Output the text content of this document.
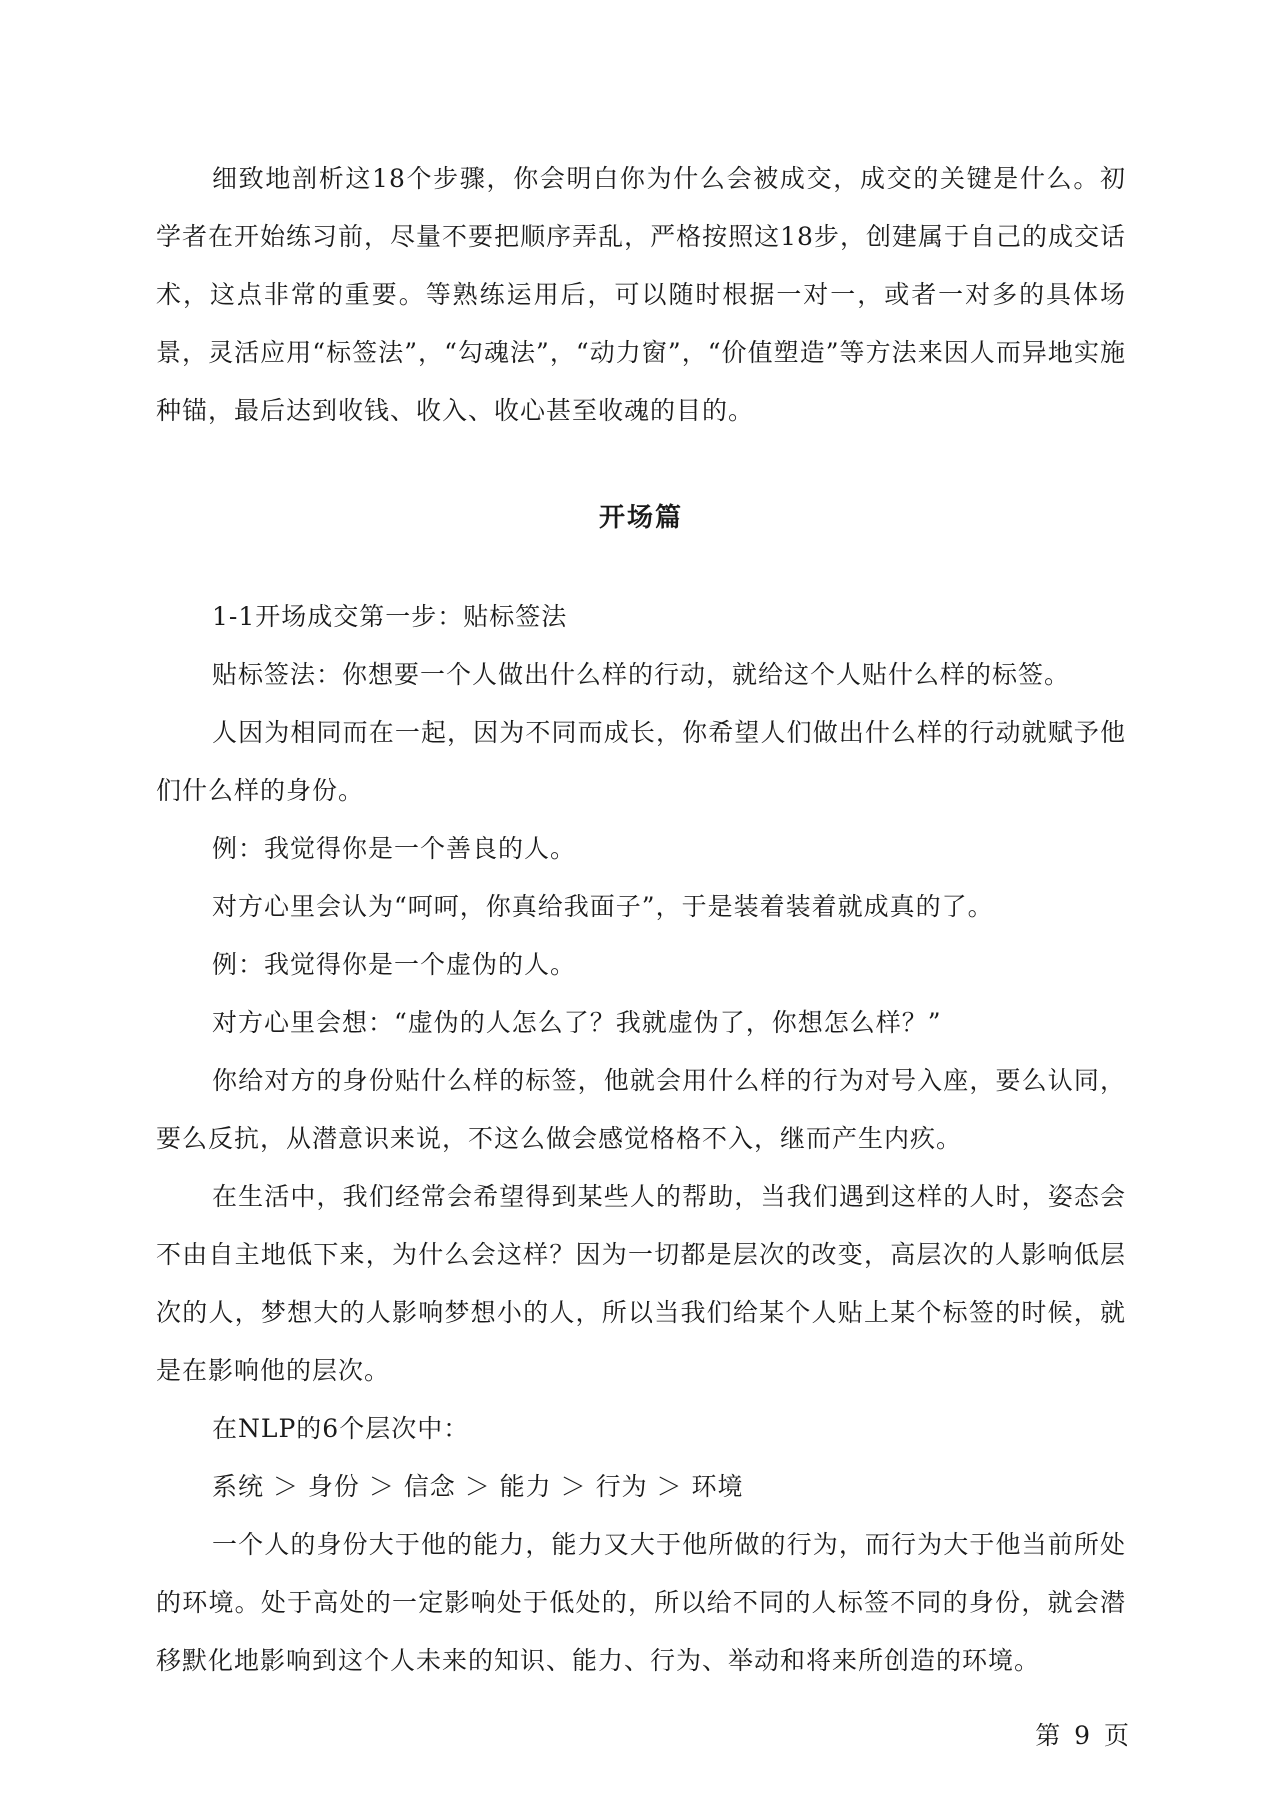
细致地剖析这18个步骤，你会明白你为什么会被成交，成交的关键是什么。初学者在开始练习前，尽量不要把顺序弄乱，严格按照这18步，创建属于自己的成交话术，这点非常的重要。等熟练运用后，可以随时根据一对一，或者一对多的具体场景，灵活应用“标签法”，“勾魂法”，“动力窗”，“价值塑造”等方法来因人而异地实施种锚，最后达到收钱、收入、收心甚至收魂的目的。

开场篇

1-1开场成交第一步：贴标签法

贴标签法：你想要一个人做出什么样的行动，就给这个人贴什么样的标签。

人因为相同而在一起，因为不同而成长，你希望人们做出什么样的行动就赋予他们什么样的身份。

例：我觉得你是一个善良的人。

对方心里会认为“呵呵，你真给我面子”，于是装着装着就成真的了。

例：我觉得你是一个虚伪的人。

对方心里会想：“虚伪的人怎么了？我就虚伪了，你想怎么样？”

你给对方的身份贴什么样的标签，他就会用什么样的行为对号入座，要么认同，要么反抗，从潜意识来说，不这么做会感觉格格不入，继而产生内疚。

在生活中，我们经常会希望得到某些人的帮助，当我们遇到这样的人时，姿态会不由自主地低下来，为什么会这样？因为一切都是层次的改变，高层次的人影响低层次的人，梦想大的人影响梦想小的人，所以当我们给某个人贴上某个标签的时候，就是在影响他的层次。

在NLP的6个层次中：

系统 ＞ 身份 ＞ 信念 ＞ 能力 ＞ 行为 ＞ 环境

一个人的身份大于他的能力，能力又大于他所做的行为，而行为大于他当前所处的环境。处于高处的一定影响处于低处的，所以给不同的人标签不同的身份，就会潜移默化地影响到这个人未来的知识、能力、行为、举动和将来所创造的环境。

第 9 页
